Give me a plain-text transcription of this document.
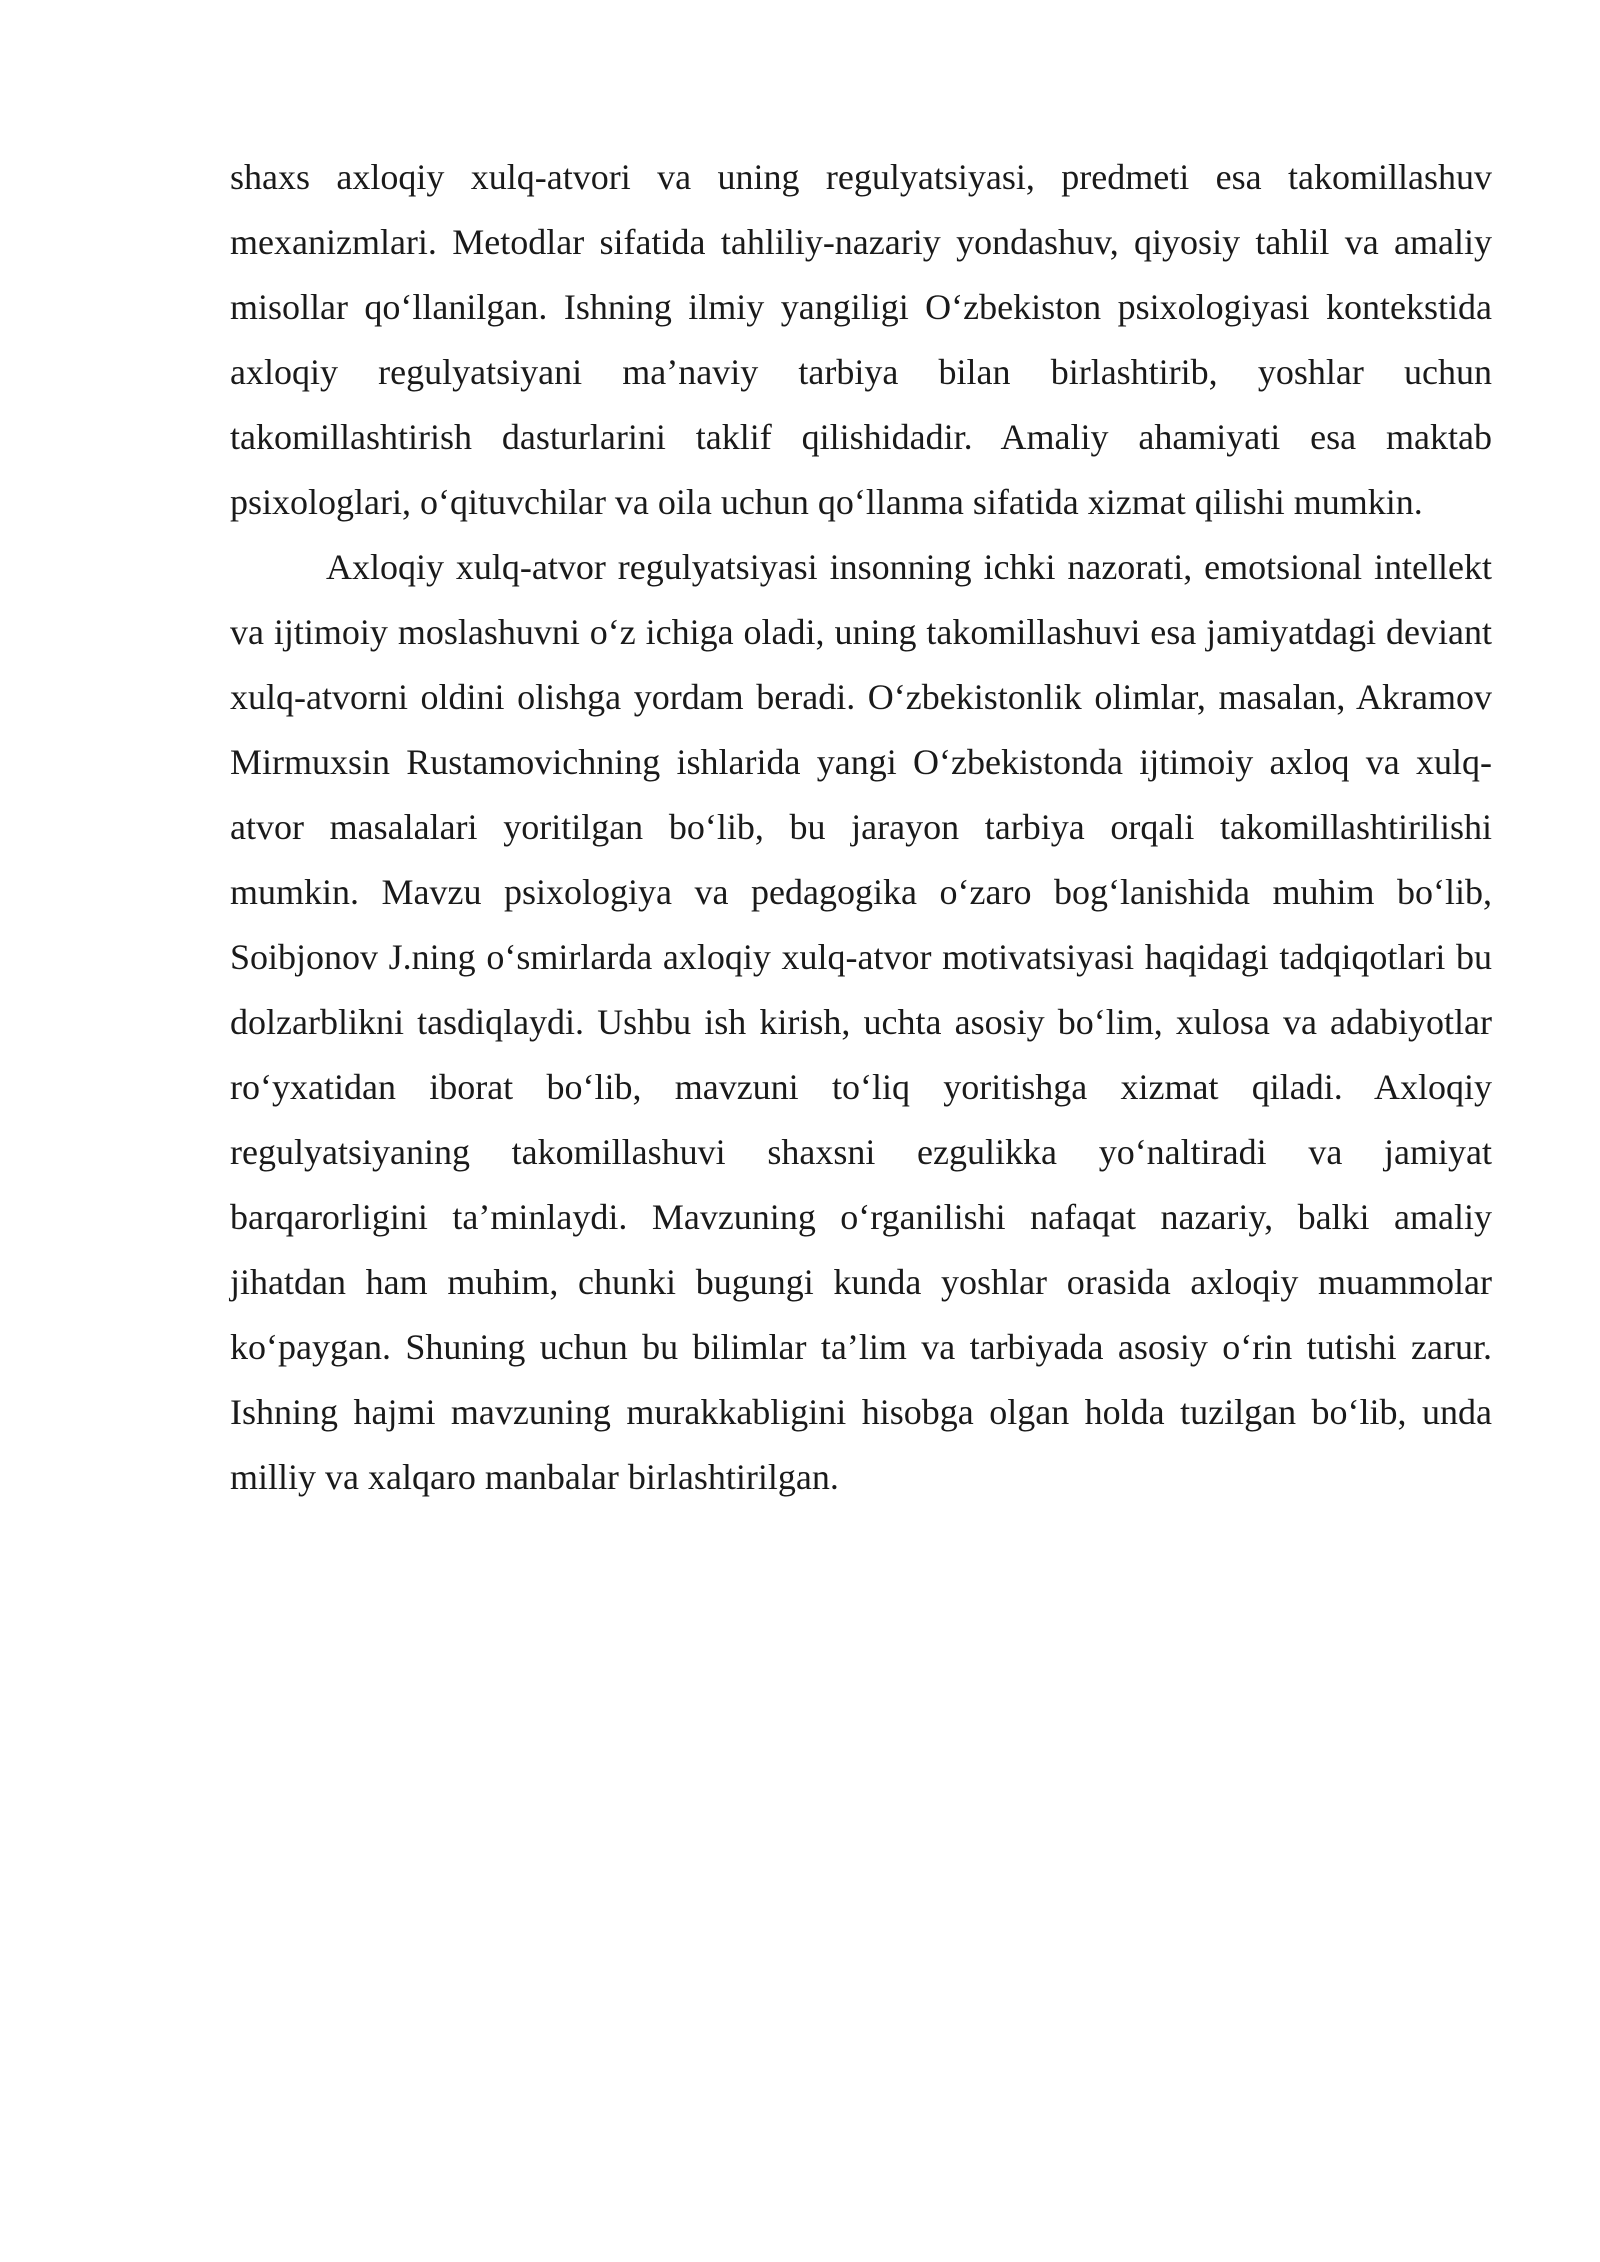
shaxs axloqiy xulq-atvori va uning regulyatsiyasi, predmeti esa takomillashuv mexanizmlari. Metodlar sifatida tahliliy-nazariy yondashuv, qiyosiy tahlil va amaliy misollar qo‘llanilgan. Ishning ilmiy yangiligi O‘zbekiston psixologiyasi kontekstida axloqiy regulyatsiyani ma’naviy tarbiya bilan birlashtirib, yoshlar uchun takomillashtirish dasturlarini taklif qilishidadir. Amaliy ahamiyati esa maktab psixologlari, o‘qituvchilar va oila uchun qo‘llanma sifatida xizmat qilishi mumkin.

Axloqiy xulq-atvor regulyatsiyasi insonning ichki nazorati, emotsional intellekt va ijtimoiy moslashuvni o‘z ichiga oladi, uning takomillashuvi esa jamiyatdagi deviant xulq-atvorni oldini olishga yordam beradi. O‘zbekistonlik olimlar, masalan, Akramov Mirmuxsin Rustamovichning ishlarida yangi O‘zbekistonda ijtimoiy axloq va xulq-atvor masalalari yoritilgan bo‘lib, bu jarayon tarbiya orqali takomillashtirilishi mumkin. Mavzu psixologiya va pedagogika o‘zaro bog‘lanishida muhim bo‘lib, Soibjonov J.ning o‘smirlarda axloqiy xulq-atvor motivatsiyasi haqidagi tadqiqotlari bu dolzarblikni tasdiqlaydi. Ushbu ish kirish, uchta asosiy bo‘lim, xulosa va adabiyotlar ro‘yxatidan iborat bo‘lib, mavzuni to‘liq yoritishga xizmat qiladi. Axloqiy regulyatsiyaning takomillashuvi shaxsni ezgulikka yo‘naltiradi va jamiyat barqarorligini ta’minlaydi. Mavzuning o‘rganilishi nafaqat nazariy, balki amaliy jihatdan ham muhim, chunki bugungi kunda yoshlar orasida axloqiy muammolar ko‘paygan. Shuning uchun bu bilimlar ta’lim va tarbiyada asosiy o‘rin tutishi zarur. Ishning hajmi mavzuning murakkabligini hisobga olgan holda tuzilgan bo‘lib, unda milliy va xalqaro manbalar birlashtirilgan.
